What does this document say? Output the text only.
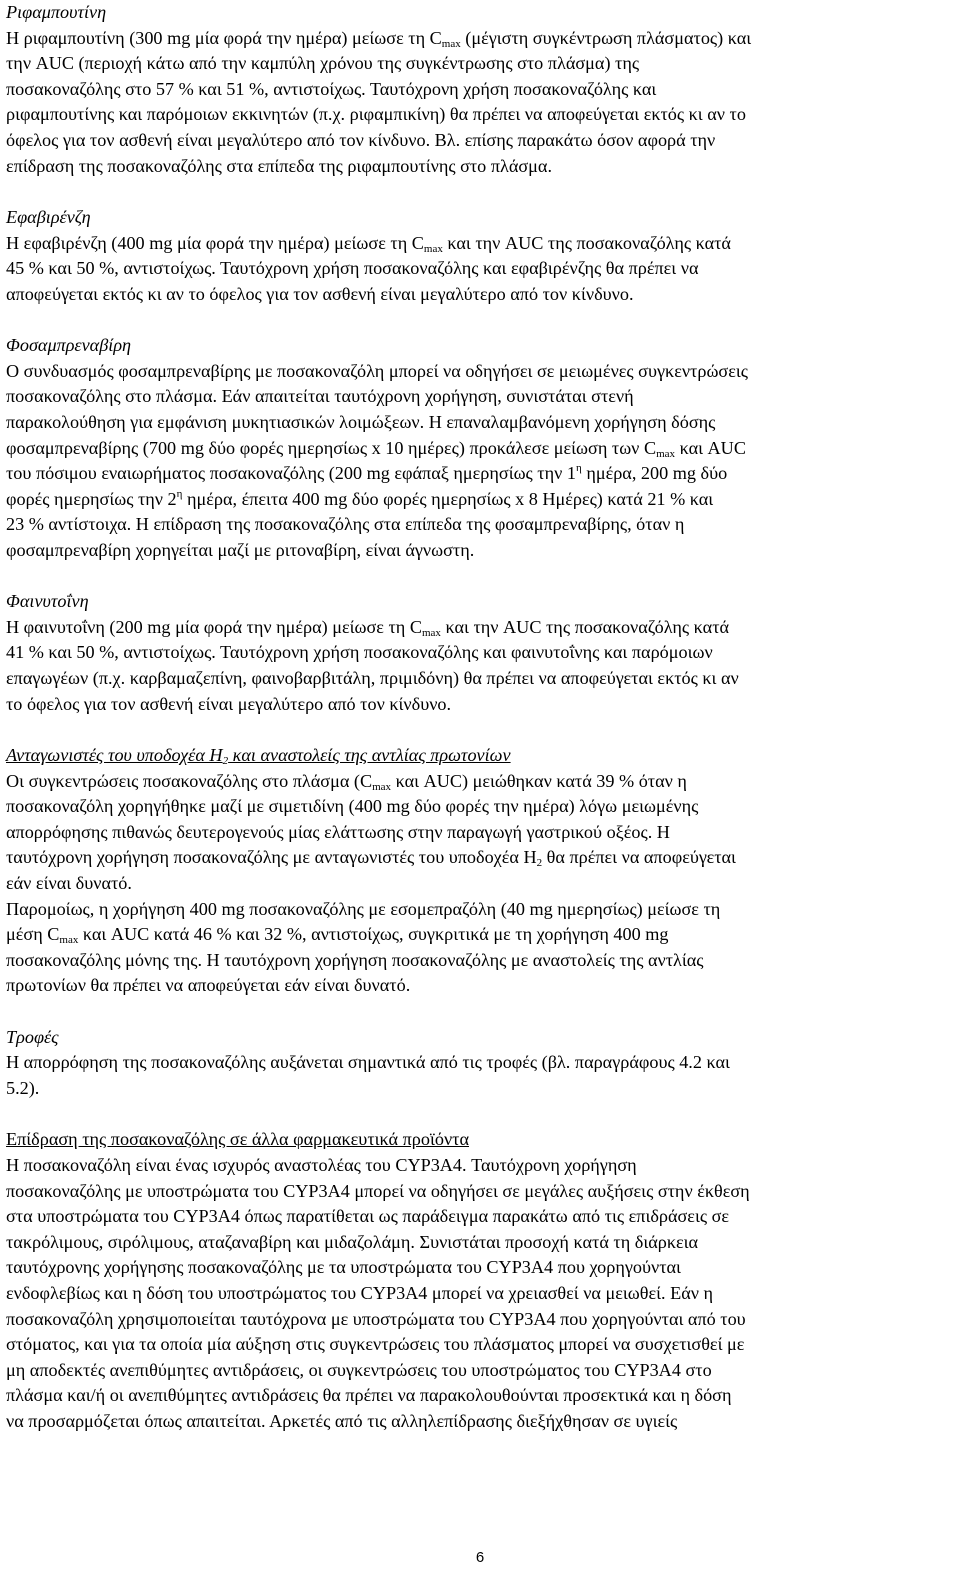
Ριφαμπουτίνη
Η ριφαμπουτίνη (300 mg μία φορά την ημέρα) μείωσε τη $C_{max}$ (μέγιστη συγκέντρωση πλάσματος) και
την AUC (περιοχή κάτω από την καμπύλη χρόνου της συγκέντρωσης στο πλάσμα) της
ποσακοναζόλης στο 57 % και 51 %, αντιστοίχως. Ταυτόχρονη χρήση ποσακοναζόλης και
ριφαμπουτίνης και παρόμοιων εκκινητών (π.χ. ριφαμπικίνη) θα πρέπει να αποφεύγεται εκτός κι αν το
όφελος για τον ασθενή είναι μεγαλύτερο από τον κίνδυνο. Βλ. επίσης παρακάτω όσον αφορά την
επίδραση της ποσακοναζόλης στα επίπεδα της ριφαμπουτίνης στο πλάσμα.
Εφαβιρένζη
Η εφαβιρένζη (400 mg μία φορά την ημέρα) μείωσε τη $C_{max}$ και την AUC της ποσακοναζόλης κατά
45 % και 50 %, αντιστοίχως. Ταυτόχρονη χρήση ποσακοναζόλης και εφαβιρένζης θα πρέπει να
αποφεύγεται εκτός κι αν το όφελος για τον ασθενή είναι μεγαλύτερο από τον κίνδυνο.
Φοσαμπρεναβίρη
Ο συνδυασμός φοσαμπρεναβίρης με ποσακοναζόλη μπορεί να οδηγήσει σε μειωμένες συγκεντρώσεις
ποσακοναζόλης στο πλάσμα. Εάν απαιτείται ταυτόχρονη χορήγηση, συνιστάται στενή
παρακολούθηση για εμφάνιση μυκητιασικών λοιμώξεων. Η επαναλαμβανόμενη χορήγηση δόσης
φοσαμπρεναβίρης (700 mg δύο φορές ημερησίως x 10 ημέρες) προκάλεσε μείωση των $C_{max}$ και AUC
του πόσιμου εναιωρήματος ποσακοναζόλης (200 mg εφάπαξ ημερησίως την $1^\eta$ ημέρα, 200 mg δύο
φορές ημερησίως την $2^\eta$ ημέρα, έπειτα 400 mg δύο φορές ημερησίως x 8 Ημέρες) κατά 21 % και
23 % αντίστοιχα. Η επίδραση της ποσακοναζόλης στα επίπεδα της φοσαμπρεναβίρης, όταν η
φοσαμπρεναβίρη χορηγείται μαζί με ριτοναβίρη, είναι άγνωστη.
Φαινυτοΐνη
Η φαινυτοΐνη (200 mg μία φορά την ημέρα) μείωσε τη $C_{max}$ και την AUC της ποσακοναζόλης κατά
41 % και 50 %, αντιστοίχως. Ταυτόχρονη χρήση ποσακοναζόλης και φαινυτοΐνης και παρόμοιων
επαγωγέων (π.χ. καρβαμαζεπίνη, φαινοβαρβιτάλη, πριμιδόνη) θα πρέπει να αποφεύγεται εκτός κι αν
το όφελος για τον ασθενή είναι μεγαλύτερο από τον κίνδυνο.
Ανταγωνιστές του υποδοχέα $H_2$ και αναστολείς της αντλίας πρωτονίων
Οι συγκεντρώσεις ποσακοναζόλης στο πλάσμα ($C_{max}$ και AUC) μειώθηκαν κατά 39 % όταν η
ποσακοναζόλη χορηγήθηκε μαζί με σιμετιδίνη (400 mg δύο φορές την ημέρα) λόγω μειωμένης
απορρόφησης πιθανώς δευτερογενούς μίας ελάττωσης στην παραγωγή γαστρικού οξέος. Η
ταυτόχρονη χορήγηση ποσακοναζόλης με ανταγωνιστές του υποδοχέα $H_2$ θα πρέπει να αποφεύγεται
εάν είναι δυνατό.
Παρομοίως, η χορήγηση 400 mg ποσακοναζόλης με εσομεπραζόλη (40 mg ημερησίως) μείωσε τη
μέση $C_{max}$ και AUC κατά 46 % και 32 %, αντιστοίχως, συγκριτικά με τη χορήγηση 400 mg
ποσακοναζόλης μόνης της. Η ταυτόχρονη χορήγηση ποσακοναζόλης με αναστολείς της αντλίας
πρωτονίων θα πρέπει να αποφεύγεται εάν είναι δυνατό.
Τροφές
Η απορρόφηση της ποσακοναζόλης αυξάνεται σημαντικά από τις τροφές (βλ. παραγράφους 4.2 και
5.2).
Επίδραση της ποσακοναζόλης σε άλλα φαρμακευτικά προϊόντα
Η ποσακοναζόλη είναι ένας ισχυρός αναστολέας του CYP3A4. Ταυτόχρονη χορήγηση
ποσακοναζόλης με υποστρώματα του CYP3A4 μπορεί να οδηγήσει σε μεγάλες αυξήσεις στην έκθεση
στα υποστρώματα του CYP3A4 όπως παρατίθεται ως παράδειγμα παρακάτω από τις επιδράσεις σε
τακρόλιμους, σιρόλιμους, αταζαναβίρη και μιδαζολάμη. Συνιστάται προσοχή κατά τη διάρκεια
ταυτόχρονης χορήγησης ποσακοναζόλης με τα υποστρώματα του CYP3A4 που χορηγούνται
ενδοφλεβίως και η δόση του υποστρώματος του CYP3A4 μπορεί να χρειασθεί να μειωθεί. Εάν η
ποσακοναζόλη χρησιμοποιείται ταυτόχρονα με υποστρώματα του CYP3A4 που χορηγούνται από του
στόματος, και για τα οποία μία αύξηση στις συγκεντρώσεις του πλάσματος μπορεί να συσχετισθεί με
μη αποδεκτές ανεπιθύμητες αντιδράσεις, οι συγκεντρώσεις του υποστρώματος του CYP3A4 στο
πλάσμα και/ή οι ανεπιθύμητες αντιδράσεις θα πρέπει να παρακολουθούνται προσεκτικά και η δόση
να προσαρμόζεται όπως απαιτείται. Αρκετές από τις αλληλεπίδρασης διεξήχθησαν σε υγιείς
6
